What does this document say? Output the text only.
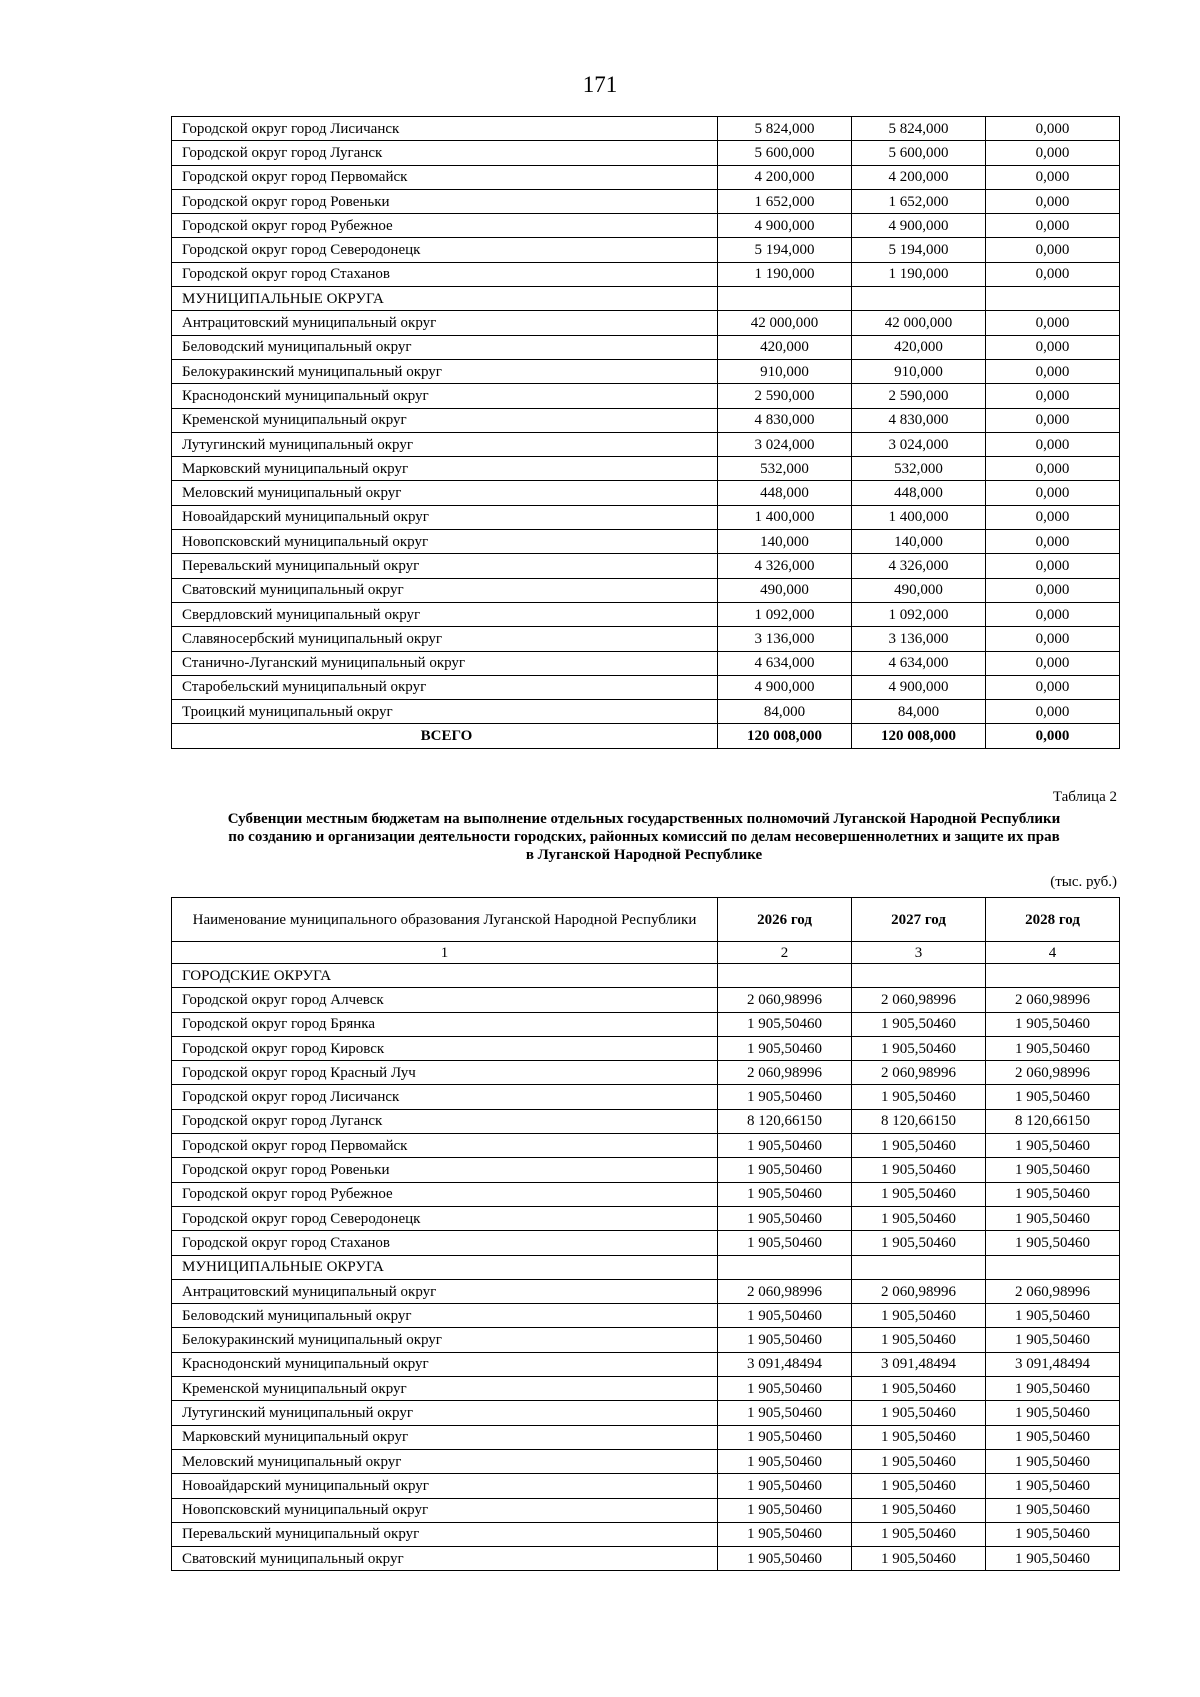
171
Городской округ город Лисичанск	5 824,000	5 824,000	0,000
Городской округ город Луганск	5 600,000	5 600,000	0,000
Городской округ город Первомайск	4 200,000	4 200,000	0,000
Городской округ город Ровеньки	1 652,000	1 652,000	0,000
Городской округ город Рубежное	4 900,000	4 900,000	0,000
Городской округ город Северодонецк	5 194,000	5 194,000	0,000
Городской округ город Стаханов	1 190,000	1 190,000	0,000
МУНИЦИПАЛЬНЫЕ ОКРУГА			
Антрацитовский муниципальный округ	42 000,000	42 000,000	0,000
Беловодский муниципальный округ	420,000	420,000	0,000
Белокуракинский муниципальный округ	910,000	910,000	0,000
Краснодонский муниципальный округ	2 590,000	2 590,000	0,000
Кременской муниципальный округ	4 830,000	4 830,000	0,000
Лутугинский муниципальный округ	3 024,000	3 024,000	0,000
Марковский муниципальный округ	532,000	532,000	0,000
Меловский муниципальный округ	448,000	448,000	0,000
Новоайдарский муниципальный округ	1 400,000	1 400,000	0,000
Новопсковский муниципальный округ	140,000	140,000	0,000
Перевальский муниципальный округ	4 326,000	4 326,000	0,000
Сватовский муниципальный округ	490,000	490,000	0,000
Свердловский муниципальный округ	1 092,000	1 092,000	0,000
Славяносербский муниципальный округ	3 136,000	3 136,000	0,000
Станично-Луганский муниципальный округ	4 634,000	4 634,000	0,000
Старобельский муниципальный округ	4 900,000	4 900,000	0,000
Троицкий муниципальный округ	84,000	84,000	0,000
ВСЕГО	120 008,000	120 008,000	0,000
Таблица 2
Субвенции местным бюджетам на выполнение отдельных государственных полномочий Луганской Народной Республики
по созданию и организации деятельности городских, районных комиссий по делам несовершеннолетних и защите их прав
в Луганской Народной Республике
(тыс. руб.)
Наименование муниципального образования Луганской Народной Республики	2026 год	2027 год	2028 год
1	2	3	4
ГОРОДСКИЕ ОКРУГА			
Городской округ город Алчевск	2 060,98996	2 060,98996	2 060,98996
Городской округ город Брянка	1 905,50460	1 905,50460	1 905,50460
Городской округ город Кировск	1 905,50460	1 905,50460	1 905,50460
Городской округ город Красный Луч	2 060,98996	2 060,98996	2 060,98996
Городской округ город Лисичанск	1 905,50460	1 905,50460	1 905,50460
Городской округ город Луганск	8 120,66150	8 120,66150	8 120,66150
Городской округ город Первомайск	1 905,50460	1 905,50460	1 905,50460
Городской округ город Ровеньки	1 905,50460	1 905,50460	1 905,50460
Городской округ город Рубежное	1 905,50460	1 905,50460	1 905,50460
Городской округ город Северодонецк	1 905,50460	1 905,50460	1 905,50460
Городской округ город Стаханов	1 905,50460	1 905,50460	1 905,50460
МУНИЦИПАЛЬНЫЕ ОКРУГА			
Антрацитовский муниципальный округ	2 060,98996	2 060,98996	2 060,98996
Беловодский муниципальный округ	1 905,50460	1 905,50460	1 905,50460
Белокуракинский муниципальный округ	1 905,50460	1 905,50460	1 905,50460
Краснодонский муниципальный округ	3 091,48494	3 091,48494	3 091,48494
Кременской муниципальный округ	1 905,50460	1 905,50460	1 905,50460
Лутугинский муниципальный округ	1 905,50460	1 905,50460	1 905,50460
Марковский муниципальный округ	1 905,50460	1 905,50460	1 905,50460
Меловский муниципальный округ	1 905,50460	1 905,50460	1 905,50460
Новоайдарский муниципальный округ	1 905,50460	1 905,50460	1 905,50460
Новопсковский муниципальный округ	1 905,50460	1 905,50460	1 905,50460
Перевальский муниципальный округ	1 905,50460	1 905,50460	1 905,50460
Сватовский муниципальный округ	1 905,50460	1 905,50460	1 905,50460
